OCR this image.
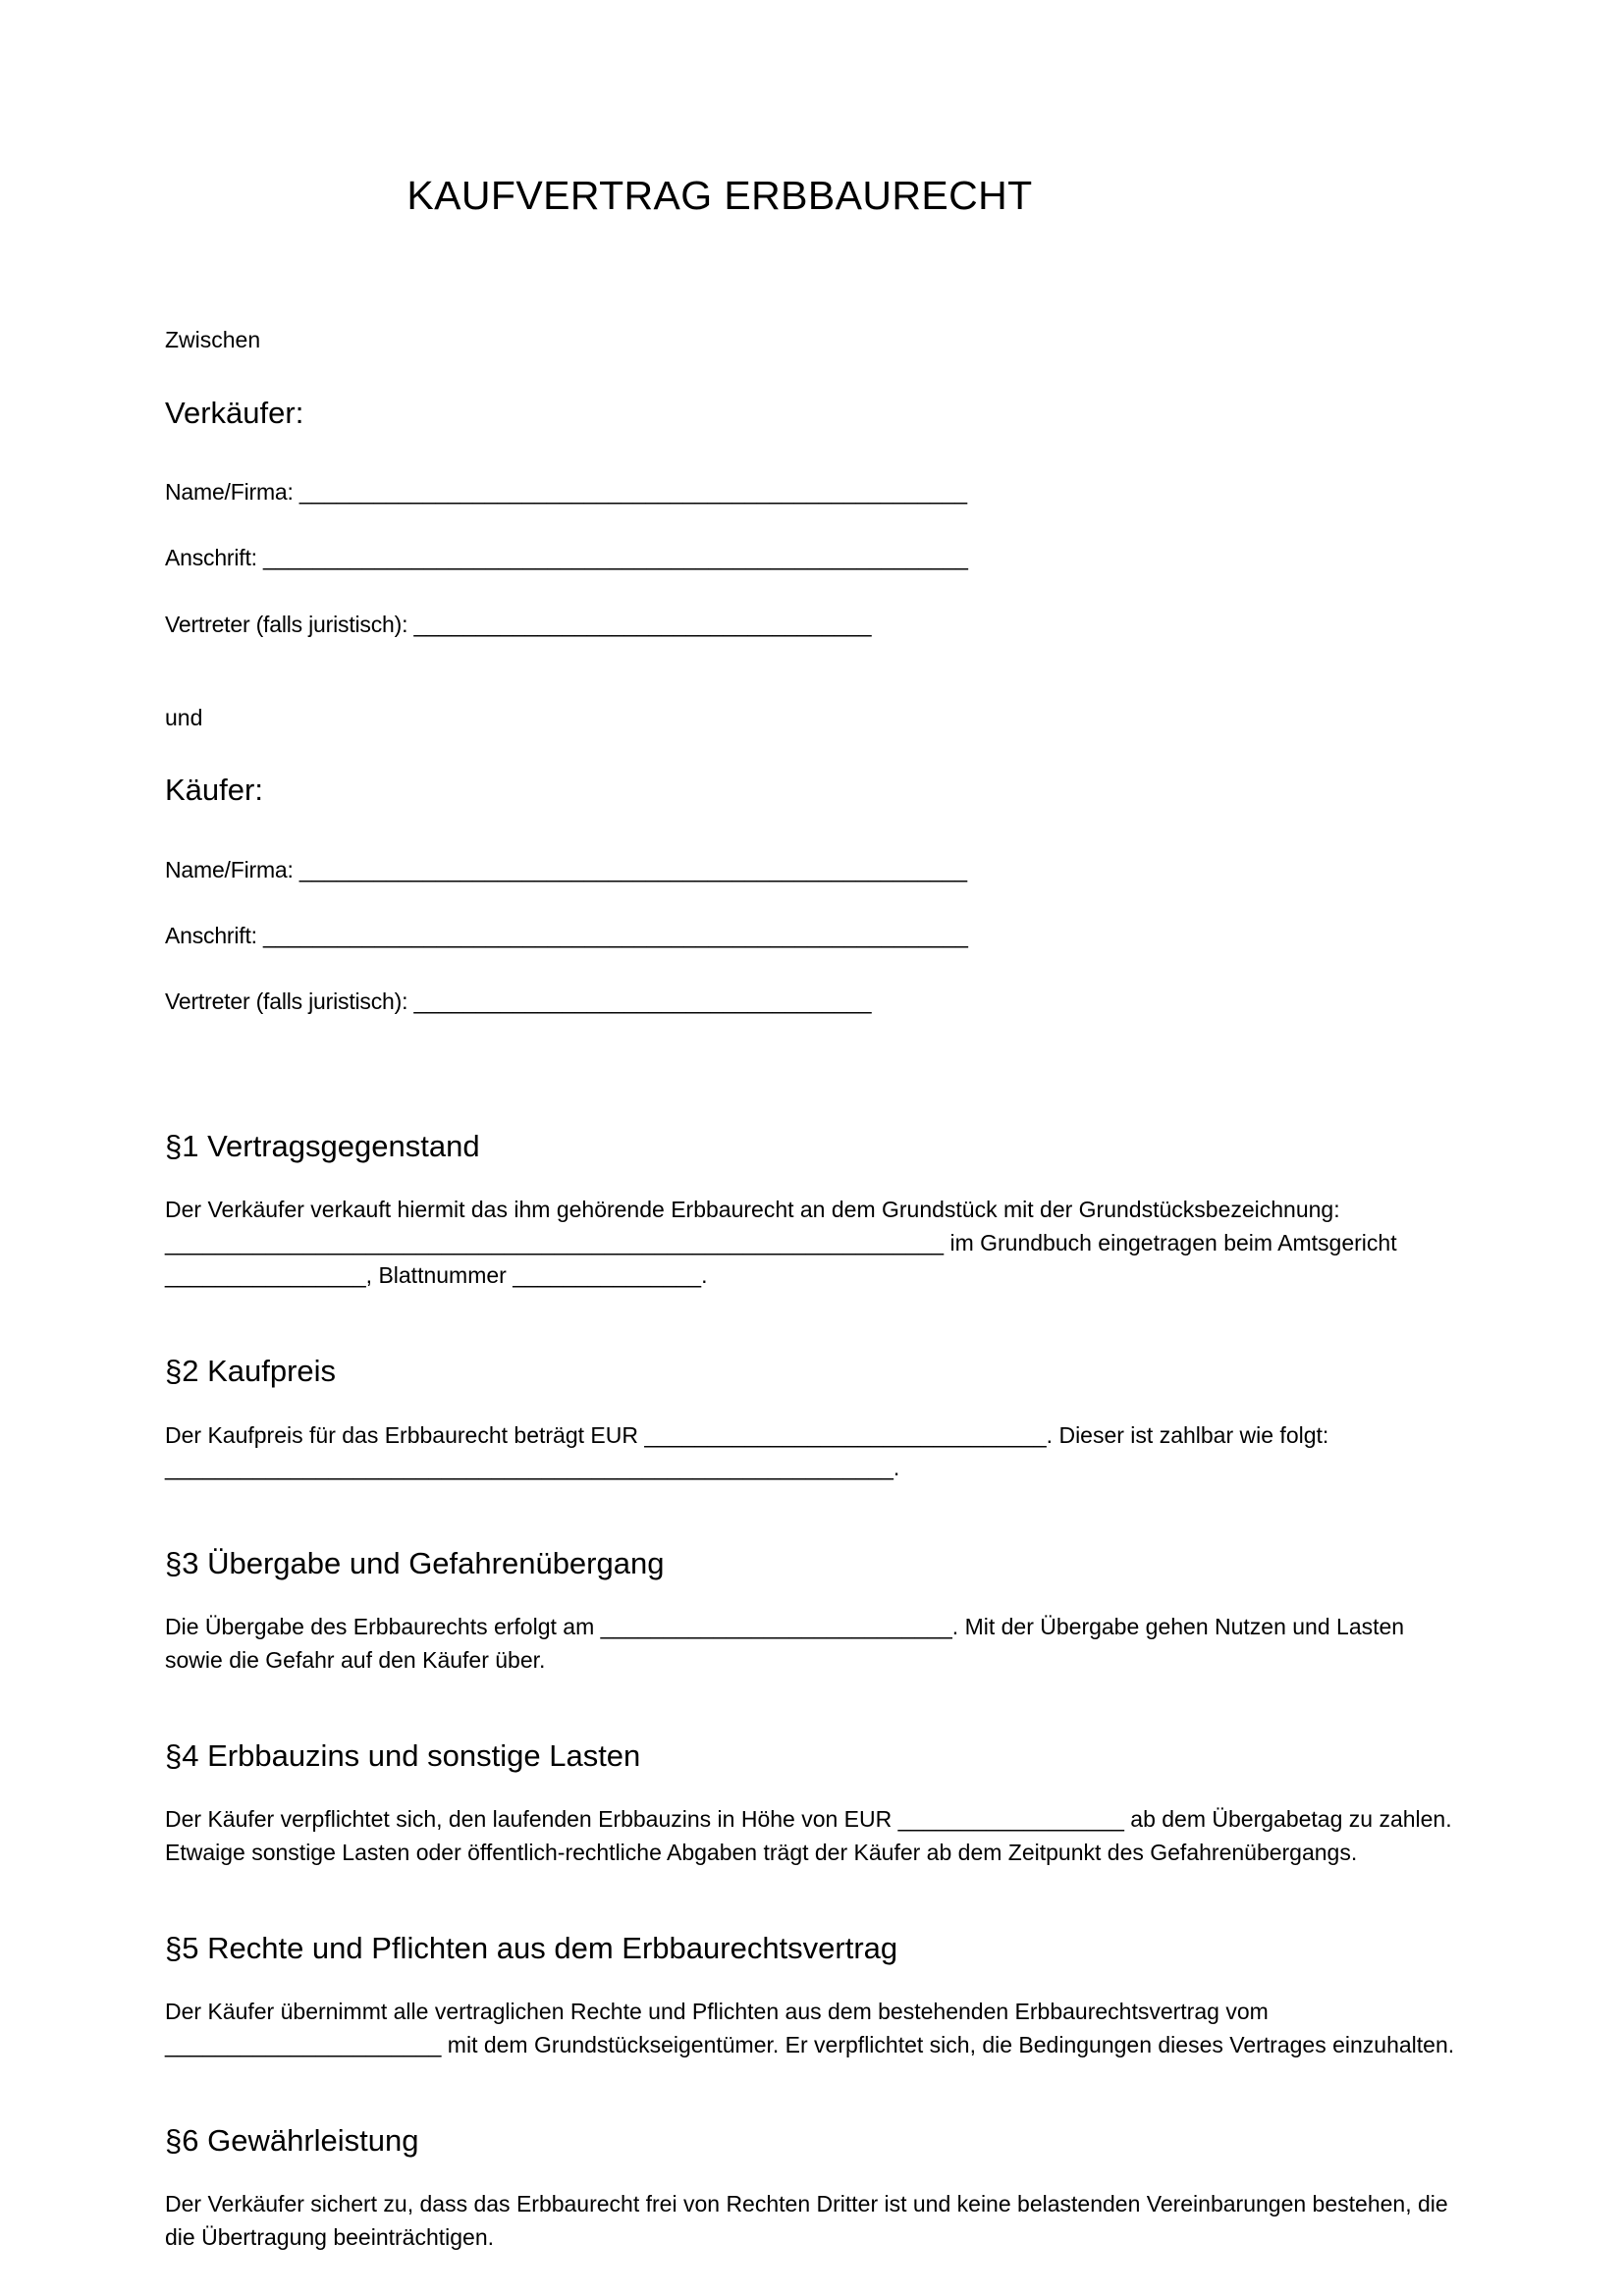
KAUFVERTRAG ERBBAURECHT

Zwischen

Verkäufer:

Name/Firma: ______________________________________________________

Anschrift: _________________________________________________________

Vertreter (falls juristisch): _____________________________________

und

Käufer:

Name/Firma: ______________________________________________________

Anschrift: _________________________________________________________

Vertreter (falls juristisch): _____________________________________

§1 Vertragsgegenstand

Der Verkäufer verkauft hiermit das ihm gehörende Erbbaurecht an dem Grundstück mit der Grundstücksbezeichnung: ______________________________________________________________ im Grundbuch eingetragen beim Amtsgericht ________________, Blattnummer _______________.

§2 Kaufpreis

Der Kaufpreis für das Erbbaurecht beträgt EUR ________________________________. Dieser ist zahlbar wie folgt: __________________________________________________________.

§3 Übergabe und Gefahrenübergang

Die Übergabe des Erbbaurechts erfolgt am ____________________________. Mit der Übergabe gehen Nutzen und Lasten sowie die Gefahr auf den Käufer über.

§4 Erbbauzins und sonstige Lasten

Der Käufer verpflichtet sich, den laufenden Erbbauzins in Höhe von EUR __________________ ab dem Übergabetag zu zahlen. Etwaige sonstige Lasten oder öffentlich-rechtliche Abgaben trägt der Käufer ab dem Zeitpunkt des Gefahrenübergangs.

§5 Rechte und Pflichten aus dem Erbbaurechtsvertrag

Der Käufer übernimmt alle vertraglichen Rechte und Pflichten aus dem bestehenden Erbbaurechtsvertrag vom ______________________ mit dem Grundstückseigentümer. Er verpflichtet sich, die Bedingungen dieses Vertrages einzuhalten.

§6 Gewährleistung

Der Verkäufer sichert zu, dass das Erbbaurecht frei von Rechten Dritter ist und keine belastenden Vereinbarungen bestehen, die die Übertragung beeinträchtigen.
